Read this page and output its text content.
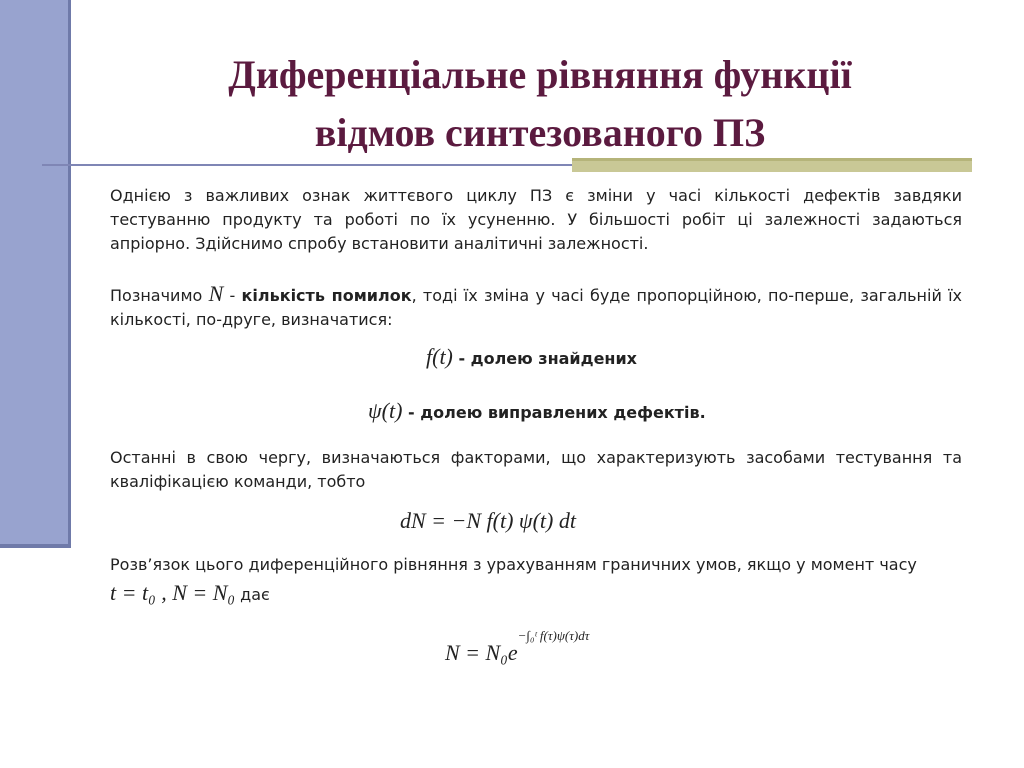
Диференціальне рівняння функції
відмов синтезованого ПЗ
Однією з важливих ознак життєвого циклу ПЗ є зміни у часі кількості дефектів завдяки тестуванню продукту та роботі по їх усуненню. У більшості робіт ці залежності задаються апріорно. Здійснимо спробу встановити аналітичні залежності.
Позначимо N - кількість помилок, тоді їх зміна у часі буде пропорційною, по-перше, загальній їх кількості, по-друге, визначатися:
f(t) - долею знайдених
ψ(t) - долею виправлених дефектів.
Останні в свою чергу, визначаються факторами, що характеризують засобами тестування та кваліфікацією команди, тобто
dN = −N f(t) ψ(t) dt
Розв’язок цього диференційного рівняння з урахуванням граничних умов, якщо у момент часу
t = t₀ , N = N₀ дає
$N = N_0e^{-\int_0ᵗ f(\tau)\psi(\tau)d\tau}$
